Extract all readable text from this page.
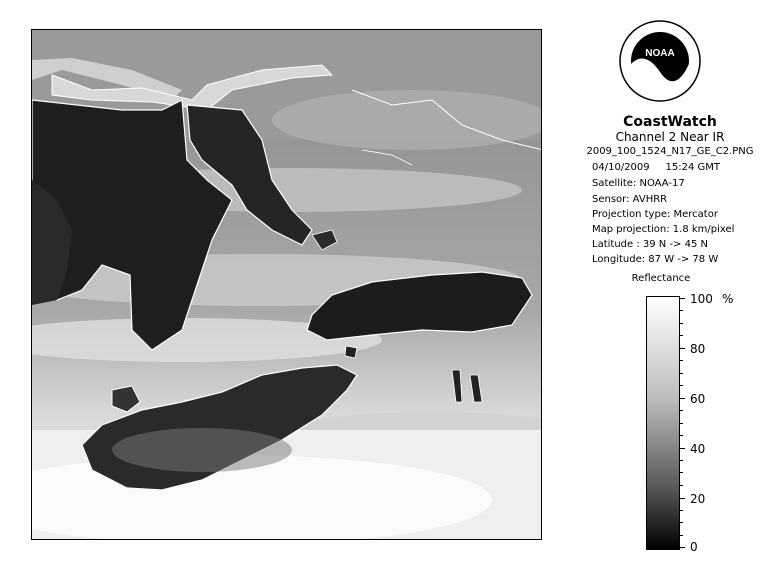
NOAA
CoastWatch
Channel 2 Near IR
2009_100_1524_N17_GE_C2.PNG
04/10/2009 15:24 GMT
Satellite: NOAA-17
Sensor: AVHRR
Projection type: Mercator
Map projection: 1.8 km/pixel
Latitude : 39 N -> 45 N
Longitude: 87 W -> 78 W
Reflectance
%
100
80
60
40
20
0
